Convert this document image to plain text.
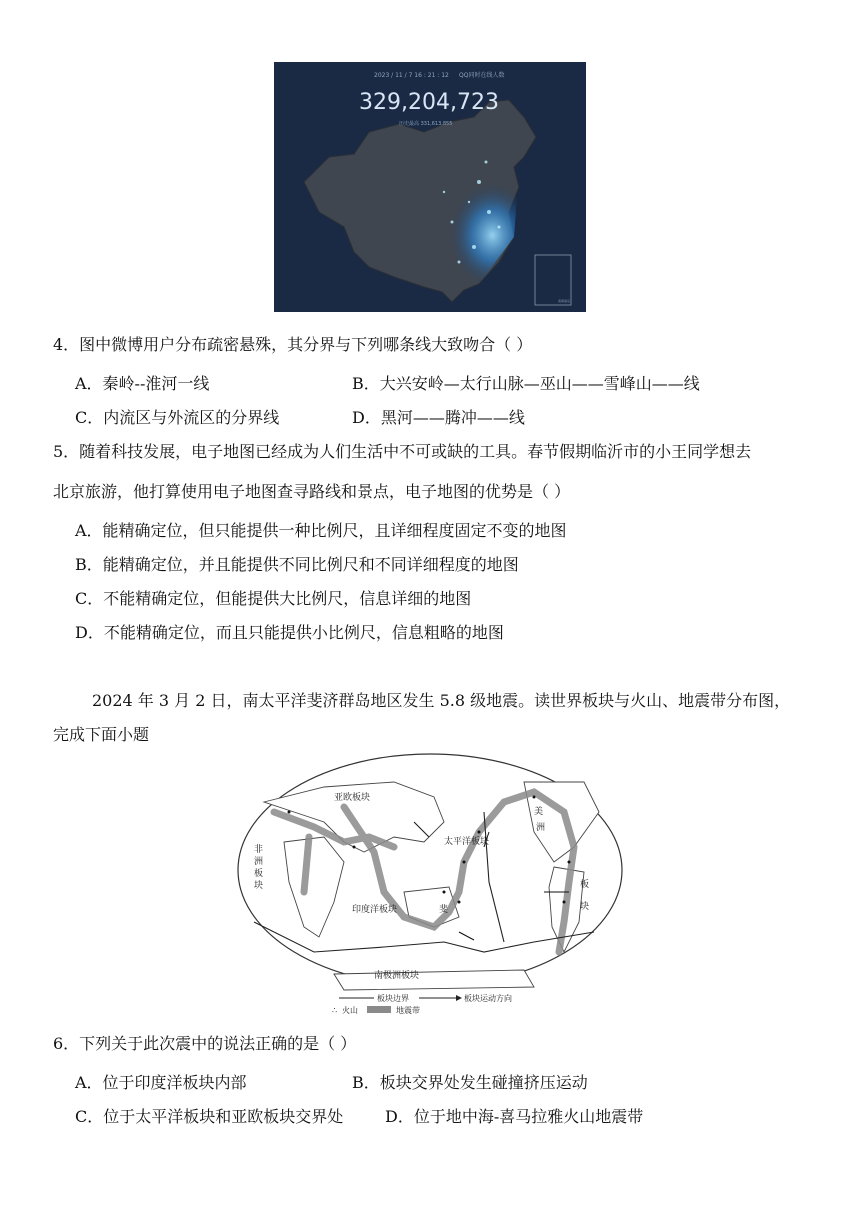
2023 / 11 / 7 16 : 21 : 12 QQ同时在线人数
329,204,723
历史最高 331,613,855
南海诸岛
4．图中微博用户分布疏密悬殊，其分界与下列哪条线大致吻合（ ）
A．秦岭--淮河一线	B．大兴安岭—太行山脉—巫山——雪峰山——线
C．内流区与外流区的分界线	D．黑河——腾冲——线
5．随着科技发展，电子地图已经成为人们生活中不可或缺的工具。春节假期临沂市的小王同学想去
北京旅游，他打算使用电子地图查寻路线和景点，电子地图的优势是（ ）
A．能精确定位，但只能提供一种比例尺，且详细程度固定不变的地图
B．能精确定位，并且能提供不同比例尺和不同详细程度的地图
C．不能精确定位，但能提供大比例尺，信息详细的地图
D．不能精确定位，而且只能提供小比例尺，信息粗略的地图
2024 年 3 月 2 日，南太平洋斐济群岛地区发生 5.8 级地震。读世界板块与火山、地震带分布图，
完成下面小题
亚欧板块
非
洲
板
块
太平洋板块
印度洋板块	斐
美
洲
板
块
南极洲板块
板块边界	板块运动方向
∴ 火山	地震带
6．下列关于此次震中的说法正确的是（ ）
A．位于印度洋板块内部	B．板块交界处发生碰撞挤压运动
C．位于太平洋板块和亚欧板块交界处	D．位于地中海-喜马拉雅火山地震带
